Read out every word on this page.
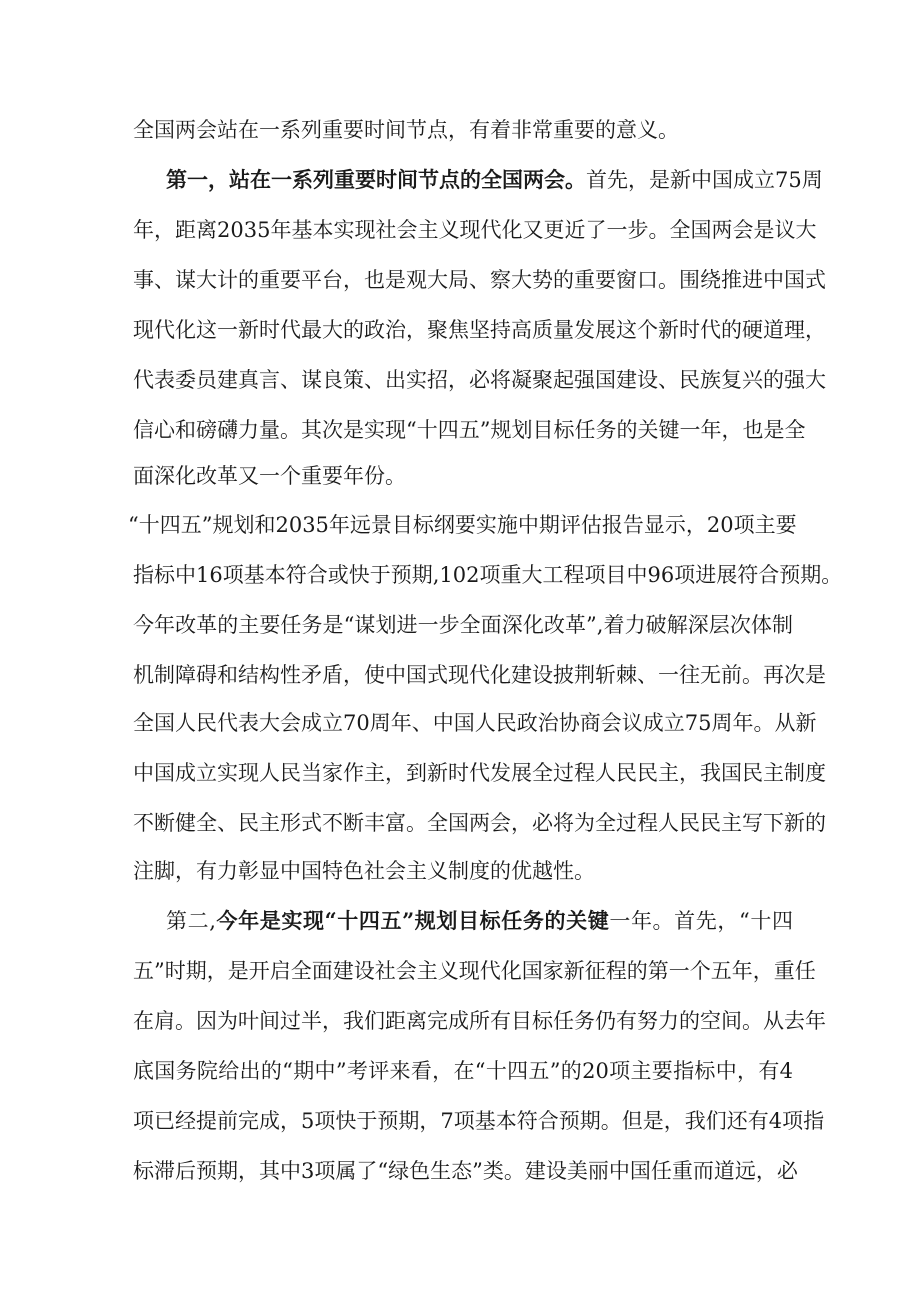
全国两会站在一系列重要时间节点，有着非常重要的意义。
第一，站在一系列重要时间节点的全国两会。首先，是新中国成立75周
年，距离2035年基本实现社会主义现代化又更近了一步。全国两会是议大
事、谋大计的重要平台，也是观大局、察大势的重要窗口。围绕推进中国式
现代化这一新时代最大的政治，聚焦坚持高质量发展这个新时代的硬道理，
代表委员建真言、谋良策、出实招，必将凝聚起强国建设、民族复兴的强大
信心和磅礴力量。其次是实现“十四五”规划目标任务的关键一年，也是全
面深化改革又一个重要年份。
“十四五”规划和2035年远景目标纲要实施中期评估报告显示，20项主要
指标中16项基本符合或快于预期,102项重大工程项目中96项进展符合预期。
今年改革的主要任务是“谋划进一步全面深化改革”,着力破解深层次体制
机制障碍和结构性矛盾，使中国式现代化建设披荆斩棘、一往无前。再次是
全国人民代表大会成立70周年、中国人民政治协商会议成立75周年。从新
中国成立实现人民当家作主，到新时代发展全过程人民民主，我国民主制度
不断健全、民主形式不断丰富。全国两会，必将为全过程人民民主写下新的
注脚，有力彰显中国特色社会主义制度的优越性。
第二,今年是实现“十四五”规划目标任务的关键一年。首先，“十四
五”时期，是开启全面建设社会主义现代化国家新征程的第一个五年，重任
在肩。因为叶间过半，我们距离完成所有目标任务仍有努力的空间。从去年
底国务院给出的“期中”考评来看，在“十四五”的20项主要指标中，有4
项已经提前完成，5项快于预期，7项基本符合预期。但是，我们还有4项指
标滞后预期，其中3项属了“绿色生态”类。建设美丽中国任重而道远，必
